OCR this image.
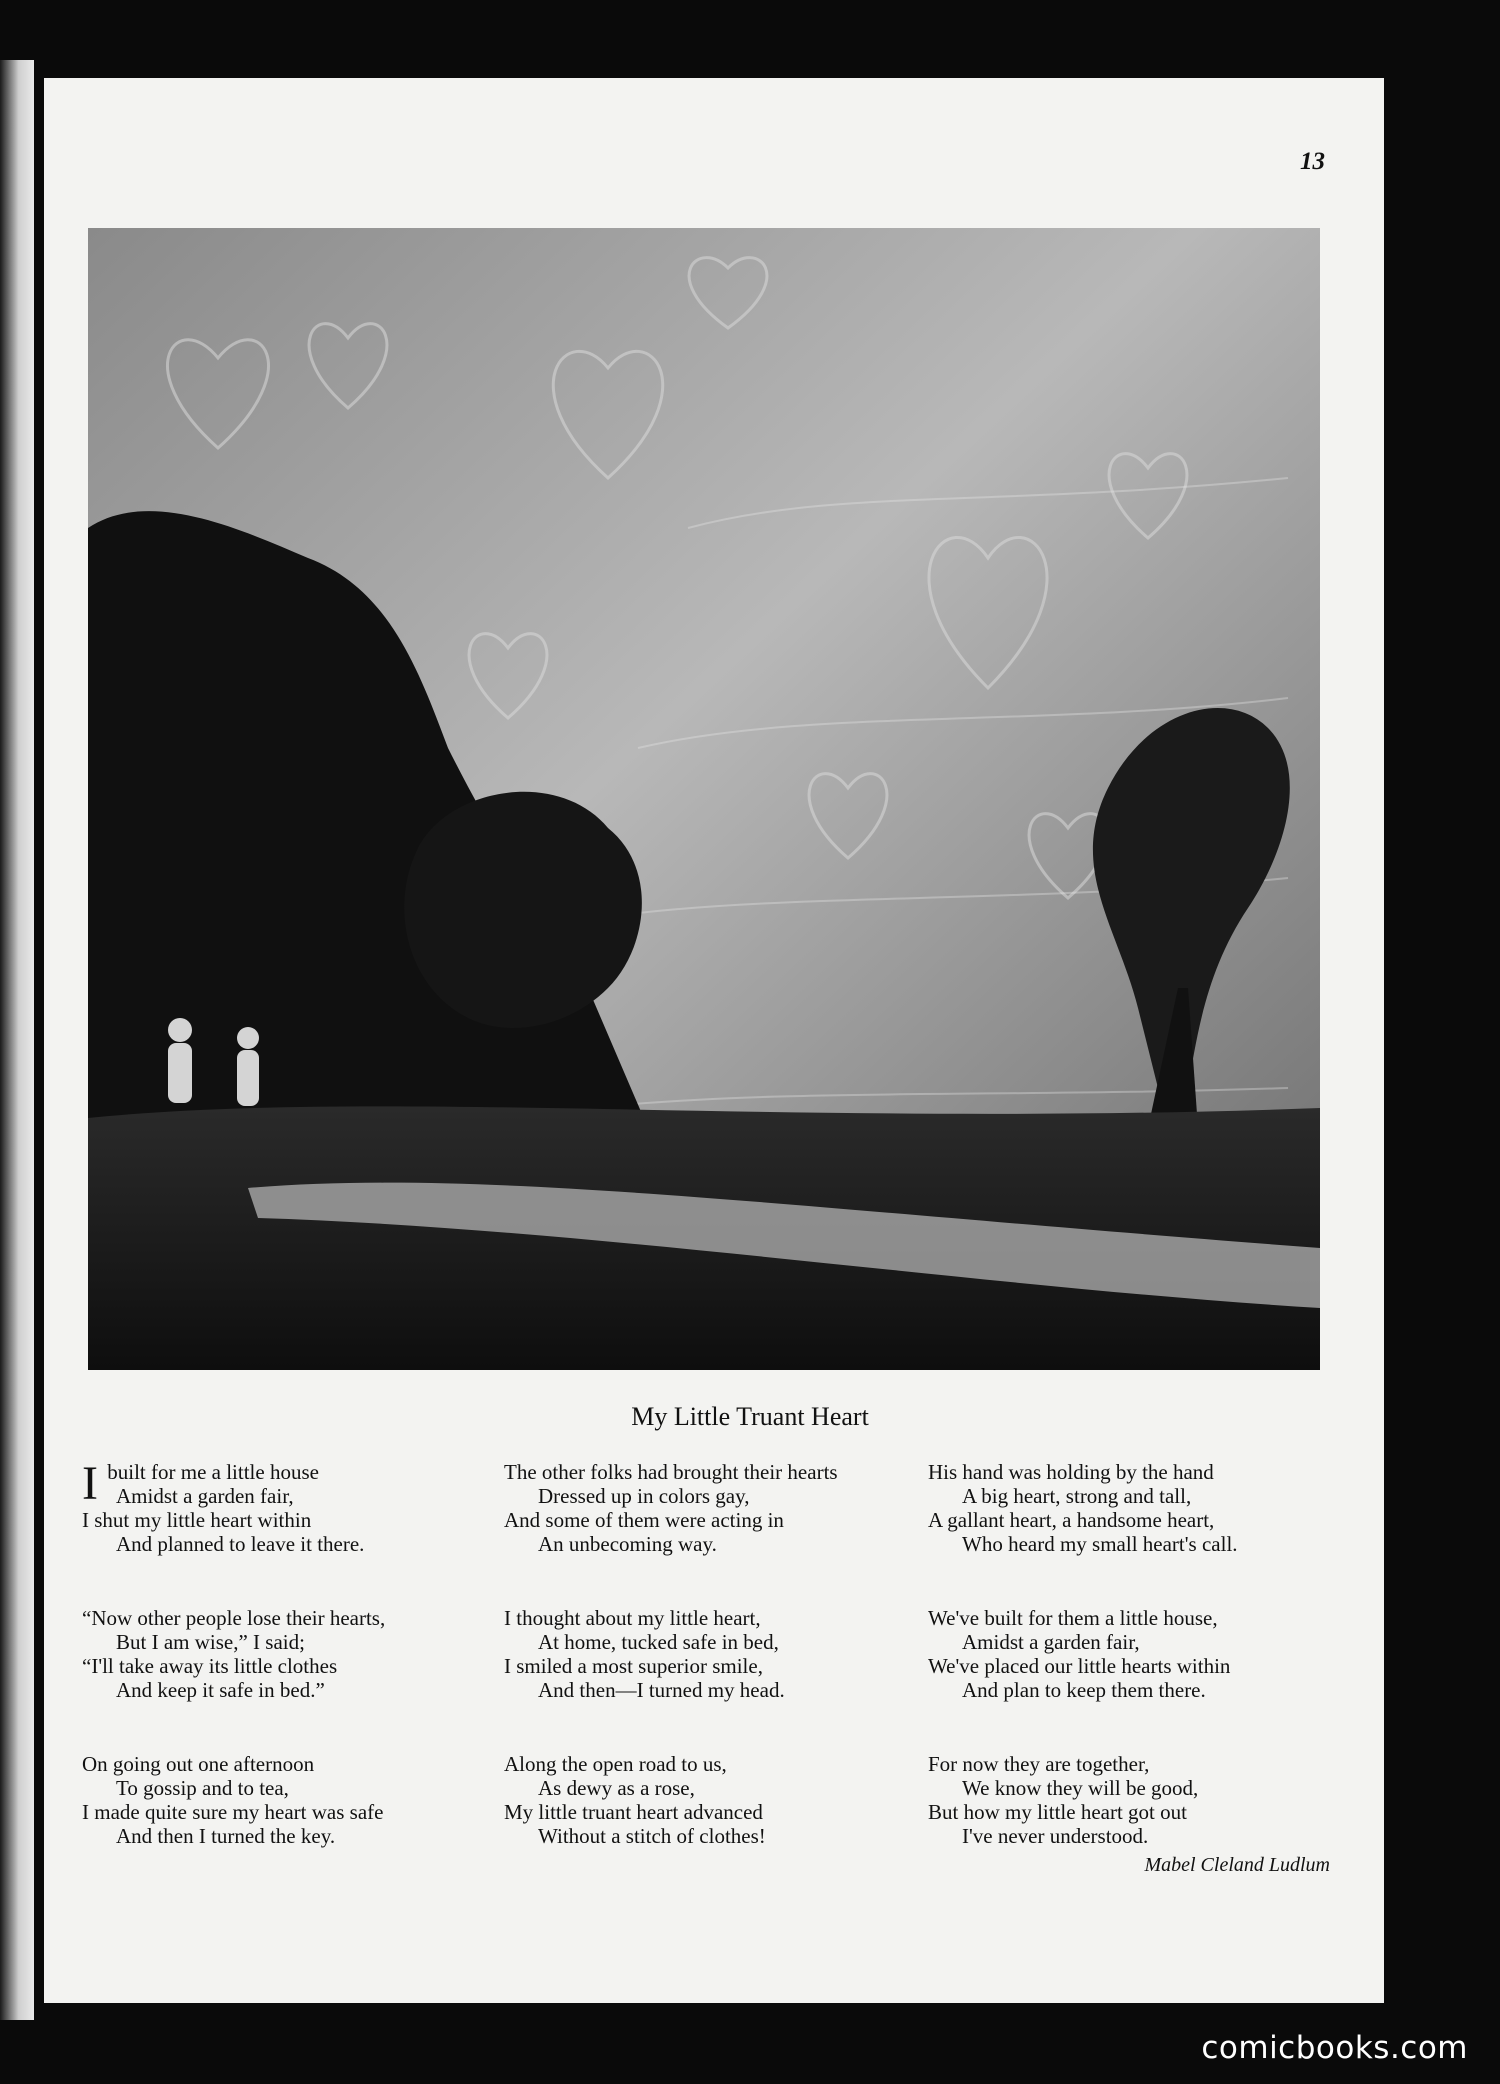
13
My Little Truant Heart
I built for me a little house
Amidst a garden fair,
I shut my little heart within
And planned to leave it there.
“Now other people lose their hearts,
But I am wise,” I said;
“I'll take away its little clothes
And keep it safe in bed.”
On going out one afternoon
To gossip and to tea,
I made quite sure my heart was safe
And then I turned the key.
The other folks had brought their hearts
Dressed up in colors gay,
And some of them were acting in
An unbecoming way.
I thought about my little heart,
At home, tucked safe in bed,
I smiled a most superior smile,
And then—I turned my head.
Along the open road to us,
As dewy as a rose,
My little truant heart advanced
Without a stitch of clothes!
His hand was holding by the hand
A big heart, strong and tall,
A gallant heart, a handsome heart,
Who heard my small heart's call.
We've built for them a little house,
Amidst a garden fair,
We've placed our little hearts within
And plan to keep them there.
For now they are together,
We know they will be good,
But how my little heart got out
I've never understood.
Mabel Cleland Ludlum
comicbooks.com
